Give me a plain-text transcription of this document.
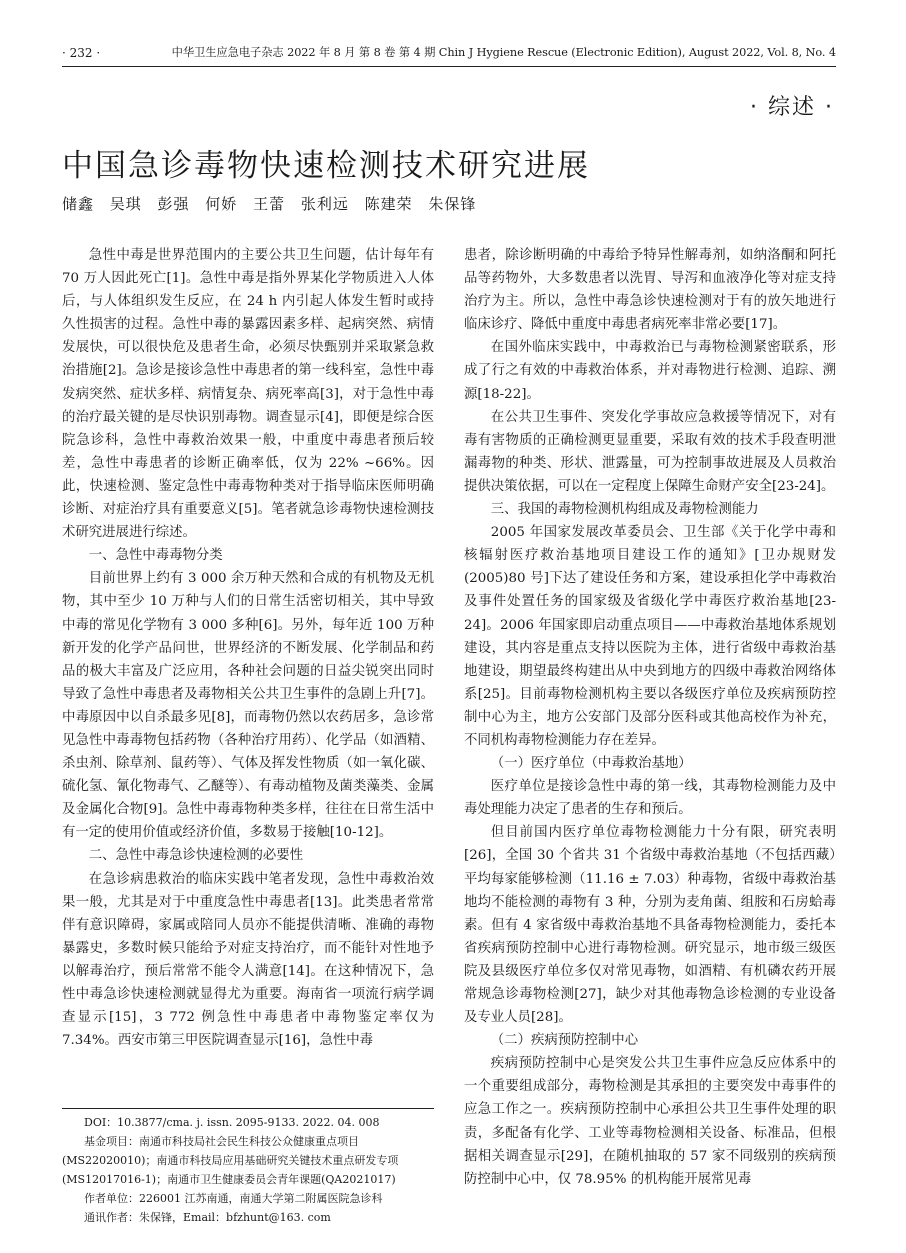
· 232 ·	中华卫生应急电子杂志 2022 年 8 月 第 8 卷 第 4 期 Chin J Hygiene Rescue (Electronic Edition), August 2022, Vol. 8, No. 4
· 综述 ·
中国急诊毒物快速检测技术研究进展
储鑫 吴琪 彭强 何娇 王蕾 张利远 陈建荣 朱保锋

急性中毒是世界范围内的主要公共卫生问题，估计每年有 70 万人因此死亡[1]。急性中毒是指外界某化学物质进入人体后，与人体组织发生反应，在 24 h 内引起人体发生暂时或持久性损害的过程。急性中毒的暴露因素多样、起病突然、病情发展快，可以很快危及患者生命，必须尽快甄别并采取紧急救治措施[2]。急诊是接诊急性中毒患者的第一线科室，急性中毒发病突然、症状多样、病情复杂、病死率高[3]，对于急性中毒的治疗最关键的是尽快识别毒物。调查显示[4]，即便是综合医院急诊科，急性中毒救治效果一般，中重度中毒患者预后较差，急性中毒患者的诊断正确率低，仅为 22% ~66%。因此，快速检测、鉴定急性中毒毒物种类对于指导临床医师明确诊断、对症治疗具有重要意义[5]。笔者就急诊毒物快速检测技术研究进展进行综述。

一、急性中毒毒物分类

目前世界上约有 3 000 余万种天然和合成的有机物及无机物，其中至少 10 万种与人们的日常生活密切相关，其中导致中毒的常见化学物有 3 000 多种[6]。另外，每年近 100 万种新开发的化学产品问世，世界经济的不断发展、化学制品和药品的极大丰富及广泛应用，各种社会问题的日益尖锐突出同时导致了急性中毒患者及毒物相关公共卫生事件的急剧上升[7]。中毒原因中以自杀最多见[8]，而毒物仍然以农药居多，急诊常见急性中毒毒物包括药物（各种治疗用药）、化学品（如酒精、杀虫剂、除草剂、鼠药等）、气体及挥发性物质（如一氧化碳、硫化氢、氰化物毒气、乙醚等）、有毒动植物及菌类藻类、金属及金属化合物[9]。急性中毒毒物种类多样，往往在日常生活中有一定的使用价值或经济价值，多数易于接触[10-12]。

二、急性中毒急诊快速检测的必要性

在急诊病患救治的临床实践中笔者发现，急性中毒救治效果一般，尤其是对于中重度急性中毒患者[13]。此类患者常常伴有意识障碍，家属或陪同人员亦不能提供清晰、准确的毒物暴露史，多数时候只能给予对症支持治疗，而不能针对性地予以解毒治疗，预后常常不能令人满意[14]。在这种情况下，急性中毒急诊快速检测就显得尤为重要。海南省一项流行病学调查显示[15]，3 772 例急性中毒患者中毒物鉴定率仅为 7.34%。西安市第三甲医院调查显示[16]，急性中毒

患者，除诊断明确的中毒给予特异性解毒剂，如纳洛酮和阿托品等药物外，大多数患者以洗胃、导泻和血液净化等对症支持治疗为主。所以，急性中毒急诊快速检测对于有的放矢地进行临床诊疗、降低中重度中毒患者病死率非常必要[17]。

在国外临床实践中，中毒救治已与毒物检测紧密联系，形成了行之有效的中毒救治体系，并对毒物进行检测、追踪、溯源[18-22]。

在公共卫生事件、突发化学事故应急救援等情况下，对有毒有害物质的正确检测更显重要，采取有效的技术手段查明泄漏毒物的种类、形状、泄露量，可为控制事故进展及人员救治提供决策依据，可以在一定程度上保障生命财产安全[23-24]。

三、我国的毒物检测机构组成及毒物检测能力

2005 年国家发展改革委员会、卫生部《关于化学中毒和核辐射医疗救治基地项目建设工作的通知》[卫办规财发(2005)80 号]下达了建设任务和方案，建设承担化学中毒救治及事件处置任务的国家级及省级化学中毒医疗救治基地[23-24]。2006 年国家即启动重点项目——中毒救治基地体系规划建设，其内容是重点支持以医院为主体，进行省级中毒救治基地建设，期望最终构建出从中央到地方的四级中毒救治网络体系[25]。目前毒物检测机构主要以各级医疗单位及疾病预防控制中心为主，地方公安部门及部分医科或其他高校作为补充，不同机构毒物检测能力存在差异。

（一）医疗单位（中毒救治基地）

医疗单位是接诊急性中毒的第一线，其毒物检测能力及中毒处理能力决定了患者的生存和预后。

但目前国内医疗单位毒物检测能力十分有限，研究表明[26]，全国 30 个省共 31 个省级中毒救治基地（不包括西藏）平均每家能够检测（11.16 ± 7.03）种毒物，省级中毒救治基地均不能检测的毒物有 3 种，分别为麦角菌、组胺和石房蛤毒素。但有 4 家省级中毒救治基地不具备毒物检测能力，委托本省疾病预防控制中心进行毒物检测。研究显示，地市级三级医院及县级医疗单位多仅对常见毒物，如酒精、有机磷农药开展常规急诊毒物检测[27]，缺少对其他毒物急诊检测的专业设备及专业人员[28]。

（二）疾病预防控制中心

疾病预防控制中心是突发公共卫生事件应急反应体系中的一个重要组成部分，毒物检测是其承担的主要突发中毒事件的应急工作之一。疾病预防控制中心承担公共卫生事件处理的职责，多配备有化学、工业等毒物检测相关设备、标准品，但根据相关调查显示[29]，在随机抽取的 57 家不同级别的疾病预防控制中心中，仅 78.95% 的机构能开展常见毒

DOI：10.3877/cma. j. issn. 2095-9133. 2022. 04. 008
基金项目：南通市科技局社会民生科技公众健康重点项目(MS22020010)；南通市科技局应用基础研究关键技术重点研发专项(MS12017016-1)；南通市卫生健康委员会青年课题(QA2021017)
作者单位：226001 江苏南通，南通大学第二附属医院急诊科
通讯作者：朱保锋，Email：bfzhunt@163. com
